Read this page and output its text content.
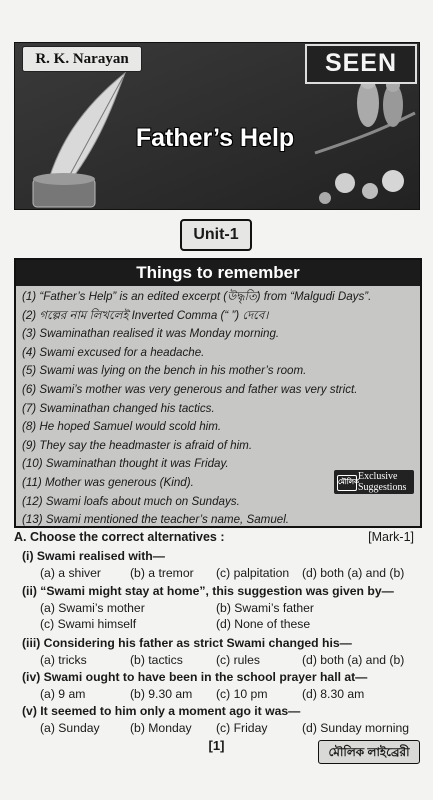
R. K. Narayan	SEEN
Father’s Help
Unit-1
Things to remember
(1) “Father’s Help” is an edited excerpt (উদ্ধৃতি) from “Malgudi Days”.
(2) গল্পের নাম লিখলেই Inverted Comma (“ ”) দেবে।
(3) Swaminathan realised it was Monday morning.
(4) Swami excused for a headache.
(5) Swami was lying on the bench in his mother’s room.
(6) Swami’s mother was very generous and father was very strict.
(7) Swaminathan changed his tactics.
(8) He hoped Samuel would scold him.
(9) They say the headmaster is afraid of him.
(10) Swaminathan thought it was Friday.
(11) Mother was generous (Kind).
(12) Swami loafs about much on Sundays.
(13) Swami mentioned the teacher’s name, Samuel.
মৌলিক
Exclusive
Suggestions
A. Choose the correct alternatives :	[Mark-1]
(i) Swami realised with—
(a) a shiver (b) a tremor (c) palpitation (d) both (a) and (b)
(ii) “Swami might stay at home”, this suggestion was given by—
(a) Swami’s mother	(b) Swami’s father
(c) Swami himself	(d) None of these
(iii) Considering his father as strict Swami changed his—
(a) tricks	(b) tactics	(c) rules	(d) both (a) and (b)
(iv) Swami ought to have been in the school prayer hall at—
(a) 9 am	(b) 9.30 am (c) 10 pm	(d) 8.30 am
(v) It seemed to him only a moment ago it was—
(a) Sunday (b) Monday (c) Friday	(d) Sunday morning
[1]	মৌলিক লাইব্রেরী
